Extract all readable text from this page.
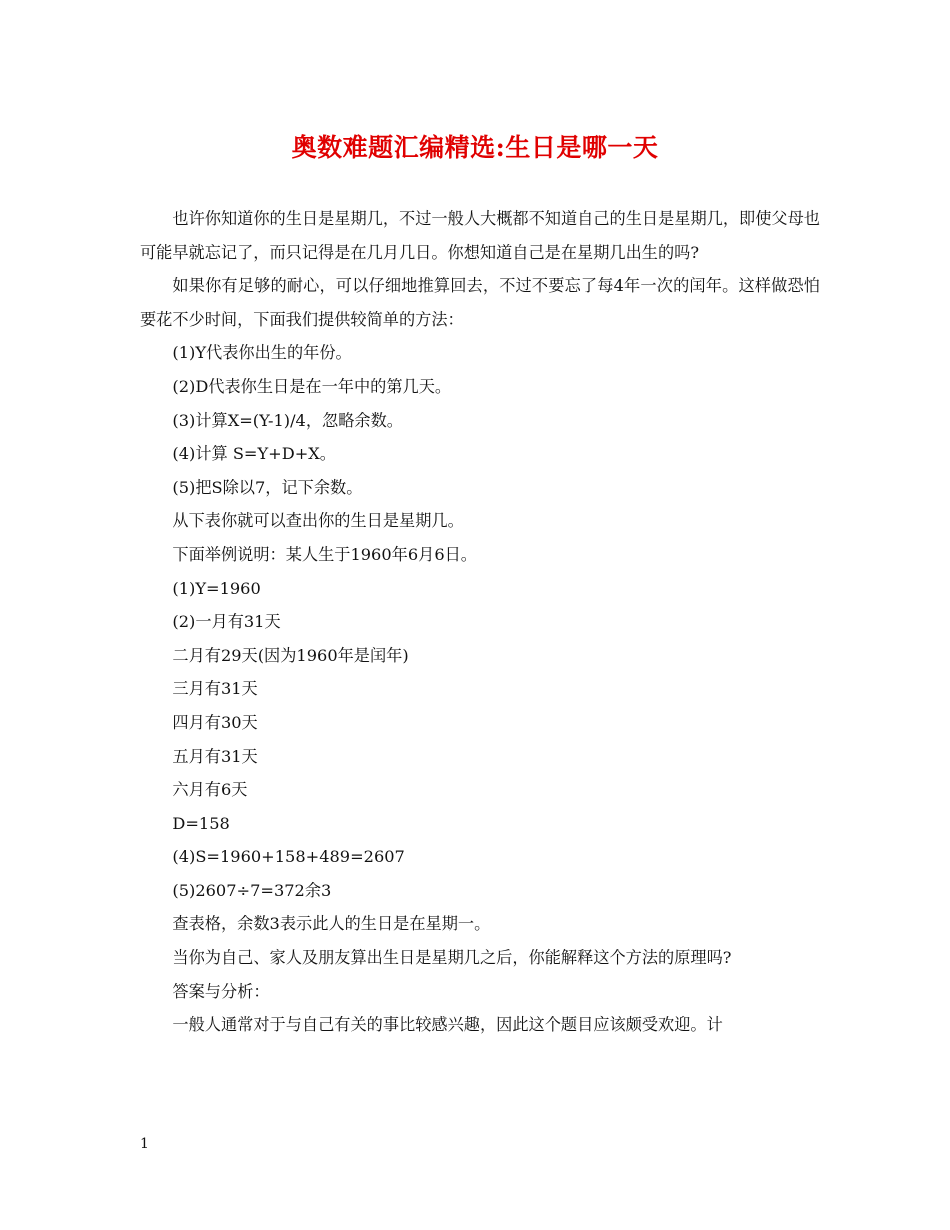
奥数难题汇编精选:生日是哪一天

也许你知道你的生日是星期几，不过一般人大概都不知道自己的生日是星期几，即使父母也可能早就忘记了，而只记得是在几月几日。你想知道自己是在星期几出生的吗?

如果你有足够的耐心，可以仔细地推算回去，不过不要忘了每4年一次的闰年。这样做恐怕要花不少时间，下面我们提供较简单的方法：

(1)Y代表你出生的年份。

(2)D代表你生日是在一年中的第几天。

(3)计算X=(Y-1)/4，忽略余数。

(4)计算 S=Y+D+X。

(5)把S除以7，记下余数。

从下表你就可以查出你的生日是星期几。

下面举例说明：某人生于1960年6月6日。

(1)Y=1960

(2)一月有31天

二月有29天(因为1960年是闰年)

三月有31天

四月有30天

五月有31天

六月有6天

D=158

(4)S=1960+158+489=2607

(5)2607÷7=372余3

查表格，余数3表示此人的生日是在星期一。

当你为自己、家人及朋友算出生日是星期几之后，你能解释这个方法的原理吗?

答案与分析：

一般人通常对于与自己有关的事比较感兴趣，因此这个题目应该颇受欢迎。计

1
